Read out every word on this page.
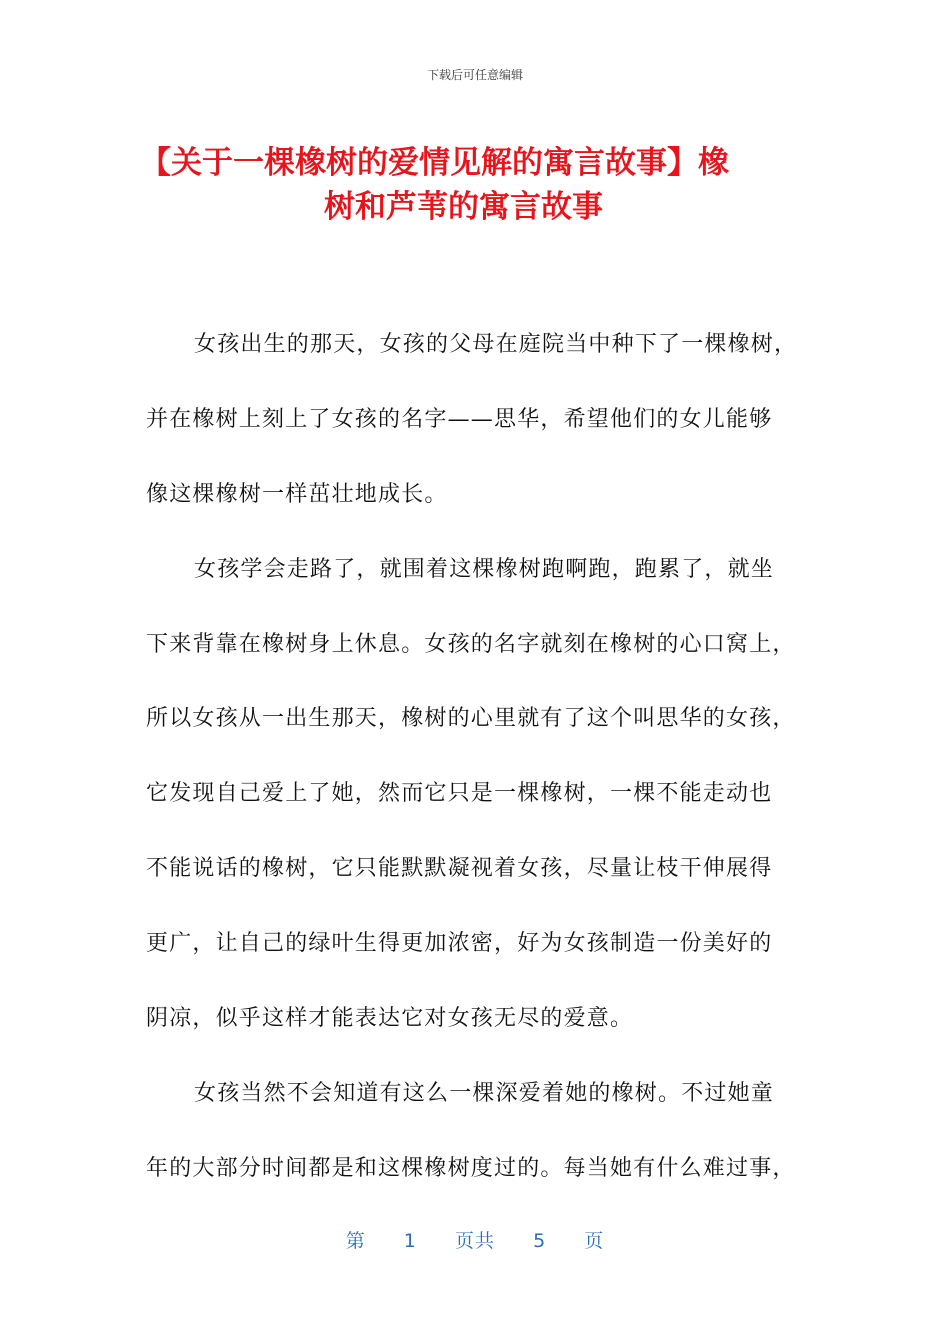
下载后可任意编辑
【关于一棵橡树的爱情见解的寓言故事】橡
树和芦苇的寓言故事
女孩出生的那天，女孩的父母在庭院当中种下了一棵橡树，
并在橡树上刻上了女孩的名字——思华，希望他们的女儿能够
像这棵橡树一样茁壮地成长。
女孩学会走路了，就围着这棵橡树跑啊跑，跑累了，就坐
下来背靠在橡树身上休息。女孩的名字就刻在橡树的心口窝上，
所以女孩从一出生那天，橡树的心里就有了这个叫思华的女孩，
它发现自己爱上了她，然而它只是一棵橡树，一棵不能走动也
不能说话的橡树，它只能默默凝视着女孩，尽量让枝干伸展得
更广，让自己的绿叶生得更加浓密，好为女孩制造一份美好的
阴凉，似乎这样才能表达它对女孩无尽的爱意。
女孩当然不会知道有这么一棵深爱着她的橡树。不过她童
年的大部分时间都是和这棵橡树度过的。每当她有什么难过事，
第 1 页共 5 页
